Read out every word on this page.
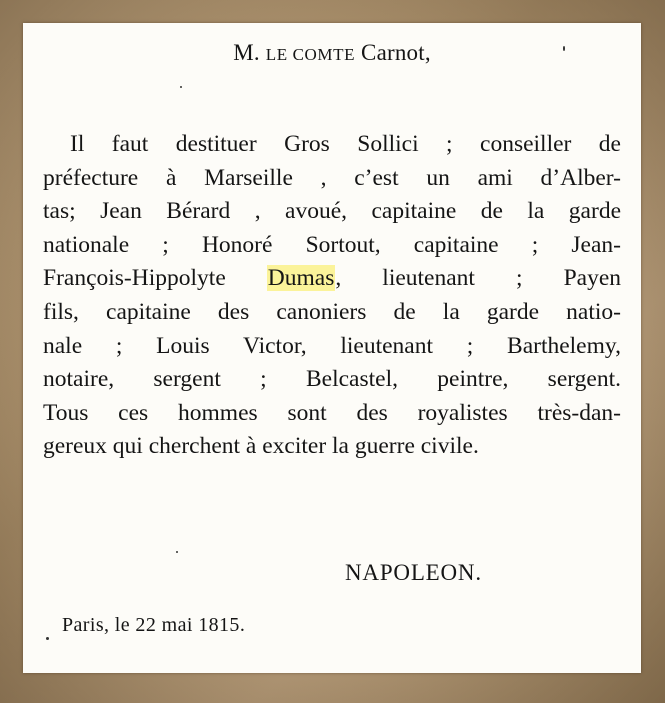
M. LE COMTE Carnot,
Il faut destituer Gros Sollici ; conseiller de
préfecture à Marseille , c’est un ami d’Alber-
tas; Jean Bérard , avoué, capitaine de la garde
nationale ; Honoré Sortout, capitaine ; Jean-
François-Hippolyte Dumas, lieutenant ; Payen
fils, capitaine des canoniers de la garde natio-
nale ; Louis Victor, lieutenant ; Barthelemy,
notaire, sergent ; Belcastel, peintre, sergent.
Tous ces hommes sont des royalistes très-dan-
gereux qui cherchent à exciter la guerre civile.
NAPOLEON.
Paris, le 22 mai 1815.
